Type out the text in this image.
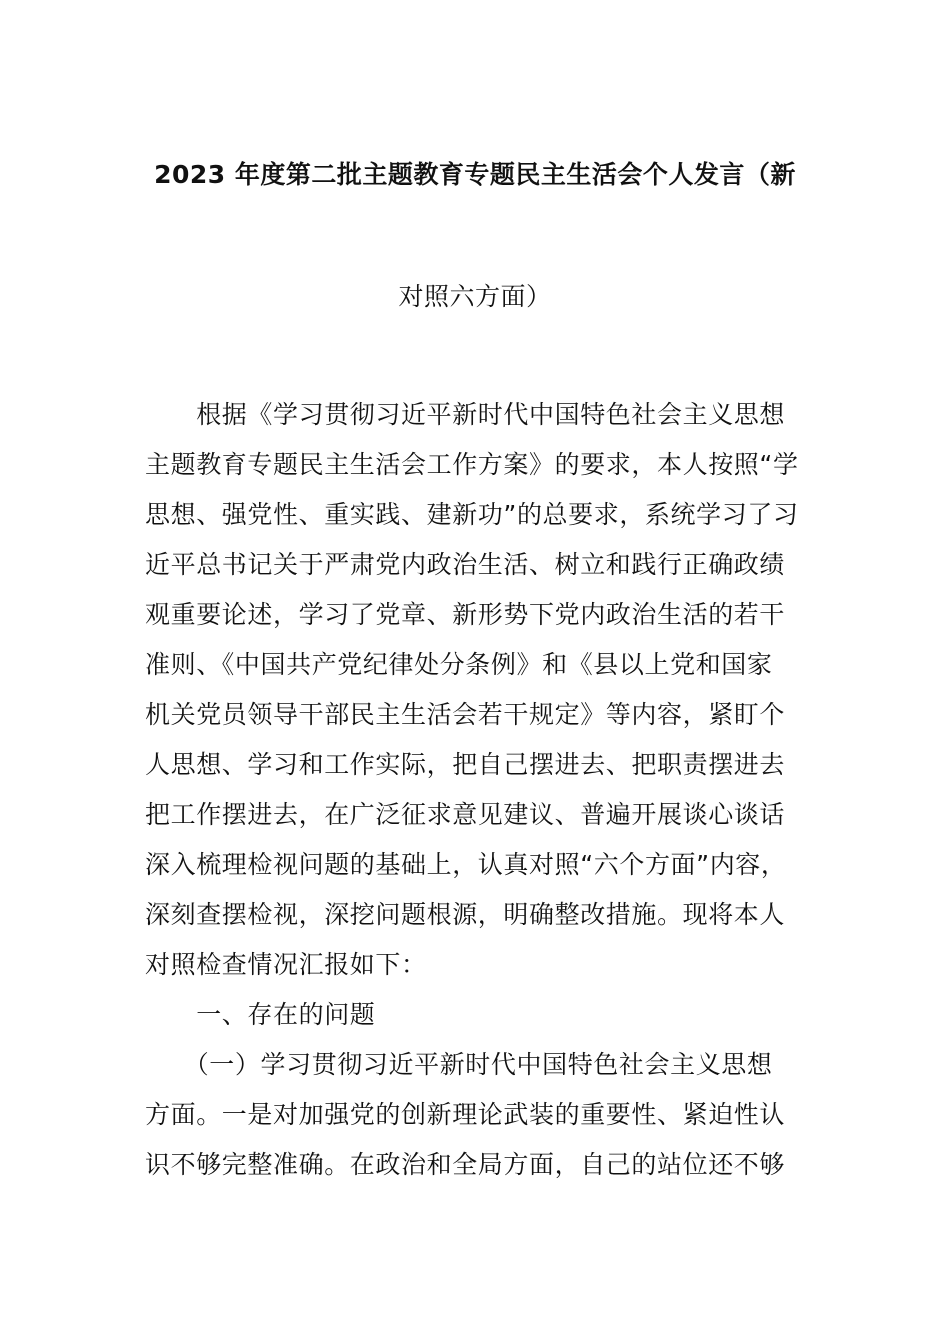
2023 年度第二批主题教育专题民主生活会个人发言（新
对照六方面）
　　根据《学习贯彻习近平新时代中国特色社会主义思想
主题教育专题民主生活会工作方案》的要求，本人按照“学
思想、强党性、重实践、建新功”的总要求，系统学习了习
近平总书记关于严肃党内政治生活、树立和践行正确政绩
观重要论述，学习了党章、新形势下党内政治生活的若干
准则、《中国共产党纪律处分条例》和《县以上党和国家
机关党员领导干部民主生活会若干规定》等内容，紧盯个
人思想、学习和工作实际，把自己摆进去、把职责摆进去
把工作摆进去，在广泛征求意见建议、普遍开展谈心谈话
深入梳理检视问题的基础上，认真对照“六个方面”内容，
深刻查摆检视，深挖问题根源，明确整改措施。现将本人
对照检查情况汇报如下：
　　一、存在的问题
　　（一）学习贯彻习近平新时代中国特色社会主义思想
方面。一是对加强党的创新理论武装的重要性、紧迫性认
识不够完整准确。在政治和全局方面，自己的站位还不够
